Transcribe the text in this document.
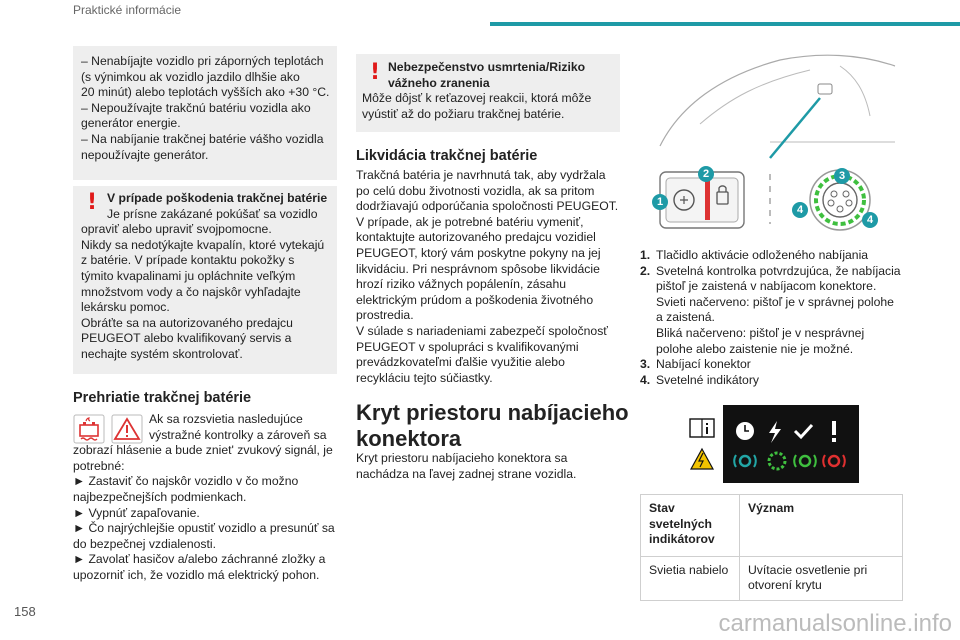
Praktické informácie

– Nenabíjajte vozidlo pri záporných teplotách

(s výnimkou ak vozidlo jazdilo dlhšie ako

20 minút) alebo teplotách vyšších ako +30 °C.

– Nepoužívajte trakčnú batériu vozidla ako

generátor energie.

– Na nabíjanie trakčnej batérie vášho vozidla

nepoužívajte generátor.

! V prípade poškodenia trakčnej batérie

Je prísne zakázané pokúšať sa vozidlo

opraviť alebo upraviť svojpomocne.

Nikdy sa nedotýkajte kvapalín, ktoré vytekajú

z batérie. V prípade kontaktu pokožky s

týmito kvapalinami ju opláchnite veľkým

množstvom vody a čo najskôr vyhľadajte

lekársku pomoc.

Obráťte sa na autorizovaného predajcu

PEUGEOT alebo kvalifikovaný servis a

nechajte systém skontrolovať.

Prehriatie trakčnej batérie

Ak sa rozsvietia nasledujúce

výstražné kontrolky a zároveň sa

zobrazí hlásenie a bude zniet' zvukový signál, je

potrebné:

► Zastaviť čo najskôr vozidlo v čo možno

najbezpečnejších podmienkach.

► Vypnúť zapaľovanie.

► Čo najrýchlejšie opustiť vozidlo a presunúť sa

do bezpečnej vzdialenosti.

► Zavolať hasičov a/alebo záchranné zložky a

upozorniť ich, že vozidlo má elektrický pohon.

158
! Nebezpečenstvo usmrtenia/Riziko

vážneho zranenia

Môže dôjsť k reťazovej reakcii, ktorá môže

vyústiť až do požiaru trakčnej batérie.

Likvidácia trakčnej batérie

Trakčná batéria je navrhnutá tak, aby vydržala

po celú dobu životnosti vozidla, ak sa pritom

dodržiavajú odporúčania spoločnosti PEUGEOT.

V prípade, ak je potrebné batériu vymeniť,

kontaktujte autorizovaného predajcu vozidiel

PEUGEOT, ktorý vám poskytne pokyny na jej

likvidáciu. Pri nesprávnom spôsobe likvidácie

hrozí riziko vážnych popálenín, zásahu

elektrickým prúdom a poškodenia životného

prostredia.

V súlade s nariadeniami zabezpečí spoločnosť

PEUGEOT v spolupráci s kvalifikovanými

prevádzkovateľmi ďalšie využitie alebo

recykláciu tejto súčiastky.

Kryt priestoru nabíjacieho
konektora

Kryt priestoru nabíjacieho konektora sa

nachádza na ľavej zadnej strane vozidla.

1
2	3
4
4
1. Tlačidlo aktivácie odloženého nabíjania
2. Svetelná kontrolka potvrdzujúca, že nabíjacia
pištoľ je zaistená v nabíjacom konektore.
Svieti načerveno: pištoľ je v správnej polohe
a zaistená.
Bliká načerveno: pištoľ je v nesprávnej
polohe alebo zaistenie nie je možné.
3. Nabíjací konektor
4. Svetelné indikátory
Stav
svetelných
indikátorov	Význam
Svietia nabielo	Uvítacie osvetlenie pri
otvorení krytu
carmanualsonline.info
